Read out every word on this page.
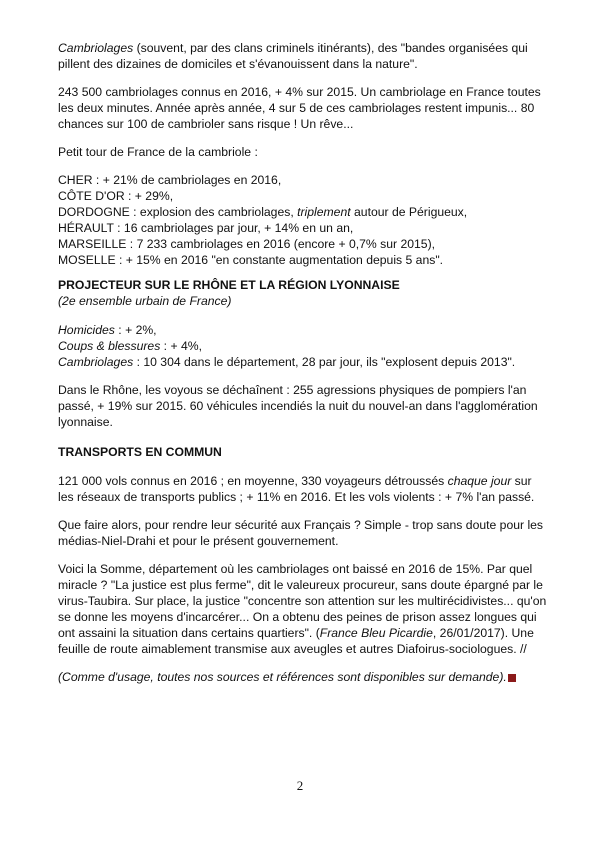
Cambriolages (souvent, par des clans criminels itinérants), des "bandes organisées qui
pillent des dizaines de domiciles et s'évanouissent dans la nature".

243 500 cambriolages connus en 2016, + 4% sur 2015. Un cambriolage en France toutes
les deux minutes. Année après année, 4 sur 5 de ces cambriolages restent impunis... 80
chances sur 100 de cambrioler sans risque ! Un rêve...

Petit tour de France de la cambriole :

CHER : + 21% de cambriolages en 2016,
CÔTE D'OR : + 29%,
DORDOGNE : explosion des cambriolages, triplement autour de Périgueux,
HÉRAULT : 16 cambriolages par jour, + 14% en un an,
MARSEILLE : 7 233 cambriolages en 2016 (encore + 0,7% sur 2015),
MOSELLE : + 15% en 2016 "en constante augmentation depuis 5 ans".

PROJECTEUR SUR LE RHÔNE ET LA RÉGION LYONNAISE
(2e ensemble urbain de France)

Homicides : + 2%,
Coups & blessures : + 4%,
Cambriolages : 10 304 dans le département, 28 par jour, ils "explosent depuis 2013".

Dans le Rhône, les voyous se déchaînent : 255 agressions physiques de pompiers l'an
passé, + 19% sur 2015. 60 véhicules incendiés la nuit du nouvel-an dans l'agglomération
lyonnaise.

TRANSPORTS EN COMMUN

121 000 vols connus en 2016 ; en moyenne, 330 voyageurs détroussés chaque jour sur
les réseaux de transports publics ; + 11% en 2016. Et les vols violents : + 7% l'an passé.

Que faire alors, pour rendre leur sécurité aux Français ? Simple - trop sans doute pour les
médias-Niel-Drahi et pour le présent gouvernement.

Voici la Somme, département où les cambriolages ont baissé en 2016 de 15%. Par quel
miracle ? "La justice est plus ferme", dit le valeureux procureur, sans doute épargné par le
virus-Taubira. Sur place, la justice "concentre son attention sur les multirécidivistes... qu'on
se donne les moyens d'incarcérer... On a obtenu des peines de prison assez longues qui
ont assaini la situation dans certains quartiers". (France Bleu Picardie, 26/01/2017). Une
feuille de route aimablement transmise aux aveugles et autres Diafoirus-sociologues. //

(Comme d'usage, toutes nos sources et références sont disponibles sur demande).

2
